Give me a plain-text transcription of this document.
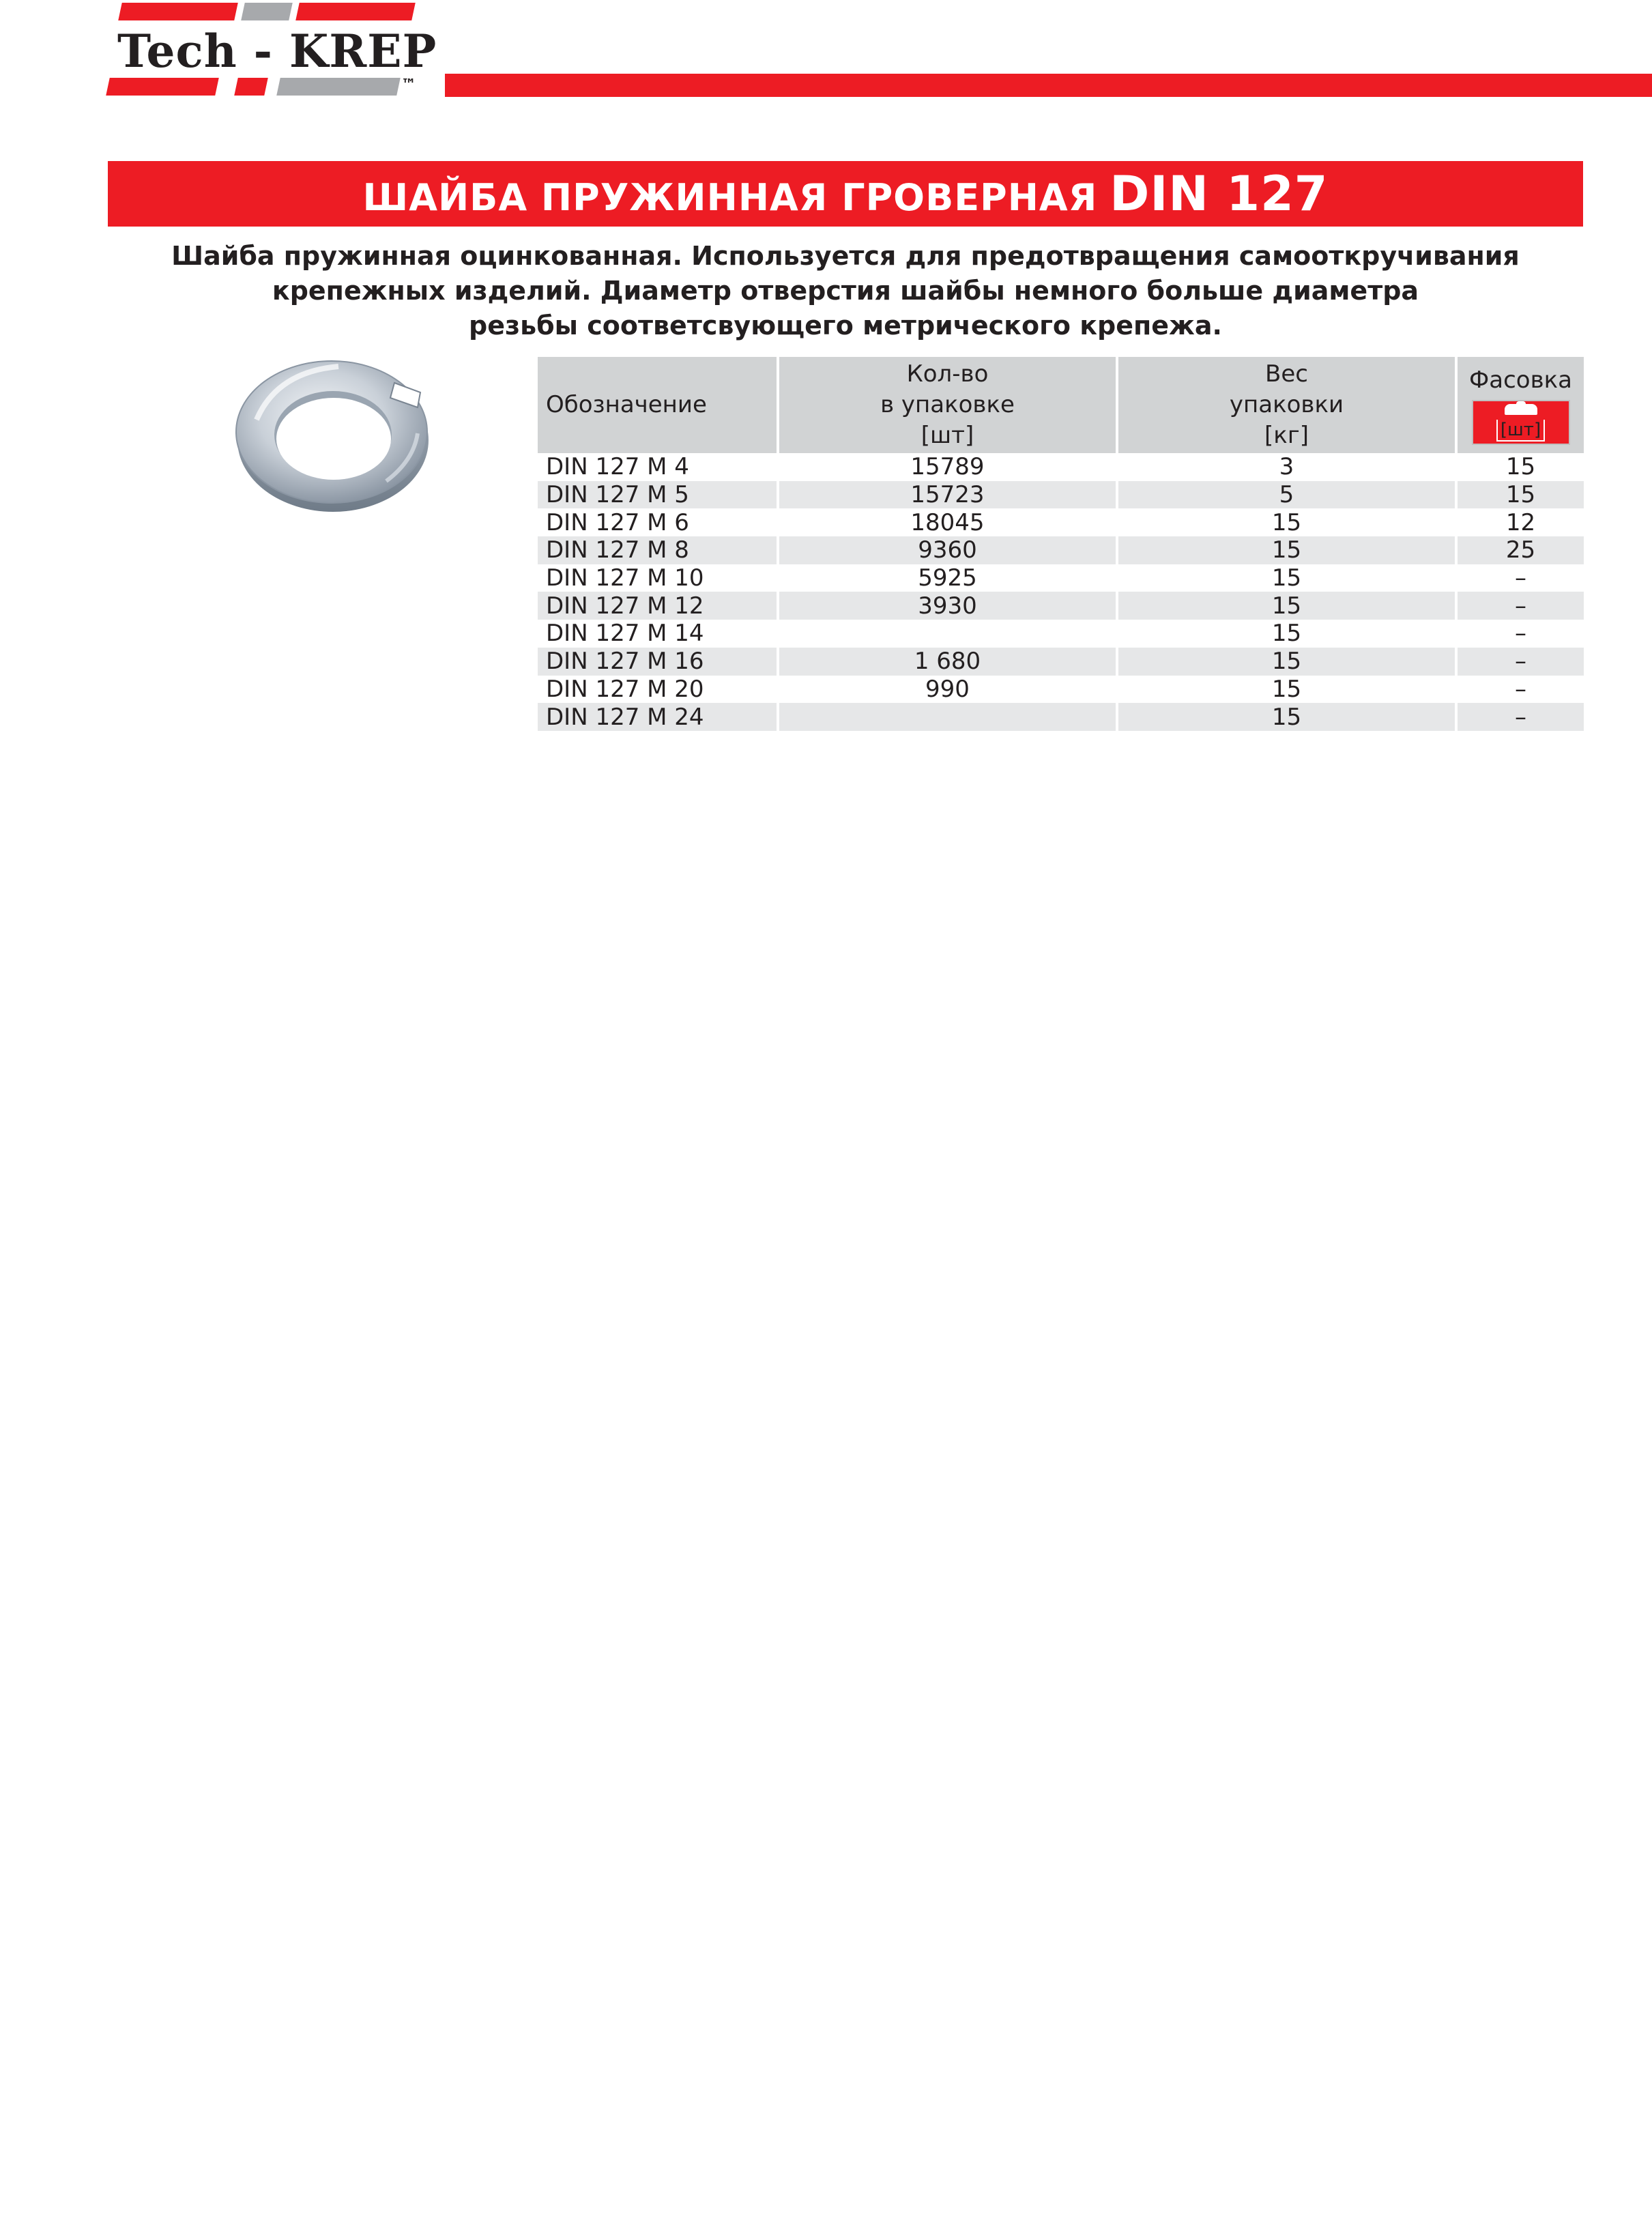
Tech - KREP
™
ШАЙБА ПРУЖИННАЯ ГРОВЕРНАЯ DIN 127
Шайба пружинная оцинкованная. Используется для предотвращения самооткручивания
крепежных изделий. Диаметр отверстия шайбы немного больше диаметра
резьбы соответсвующего метрического крепежа.
Обозначение	Кол-во
в упаковке
[шт]	Вес
упаковки
[кг]	Фасовка
[шт]

DIN 127 M 4	15789	3	15
DIN 127 M 5	15723	5	15
DIN 127 M 6	18045	15	12
DIN 127 M 8	9360	15	25
DIN 127 M 10	5925	15	–
DIN 127 M 12	3930	15	–
DIN 127 M 14		15	–
DIN 127 M 16	1 680	15	–
DIN 127 M 20	990	15	–
DIN 127 M 24		15	–
